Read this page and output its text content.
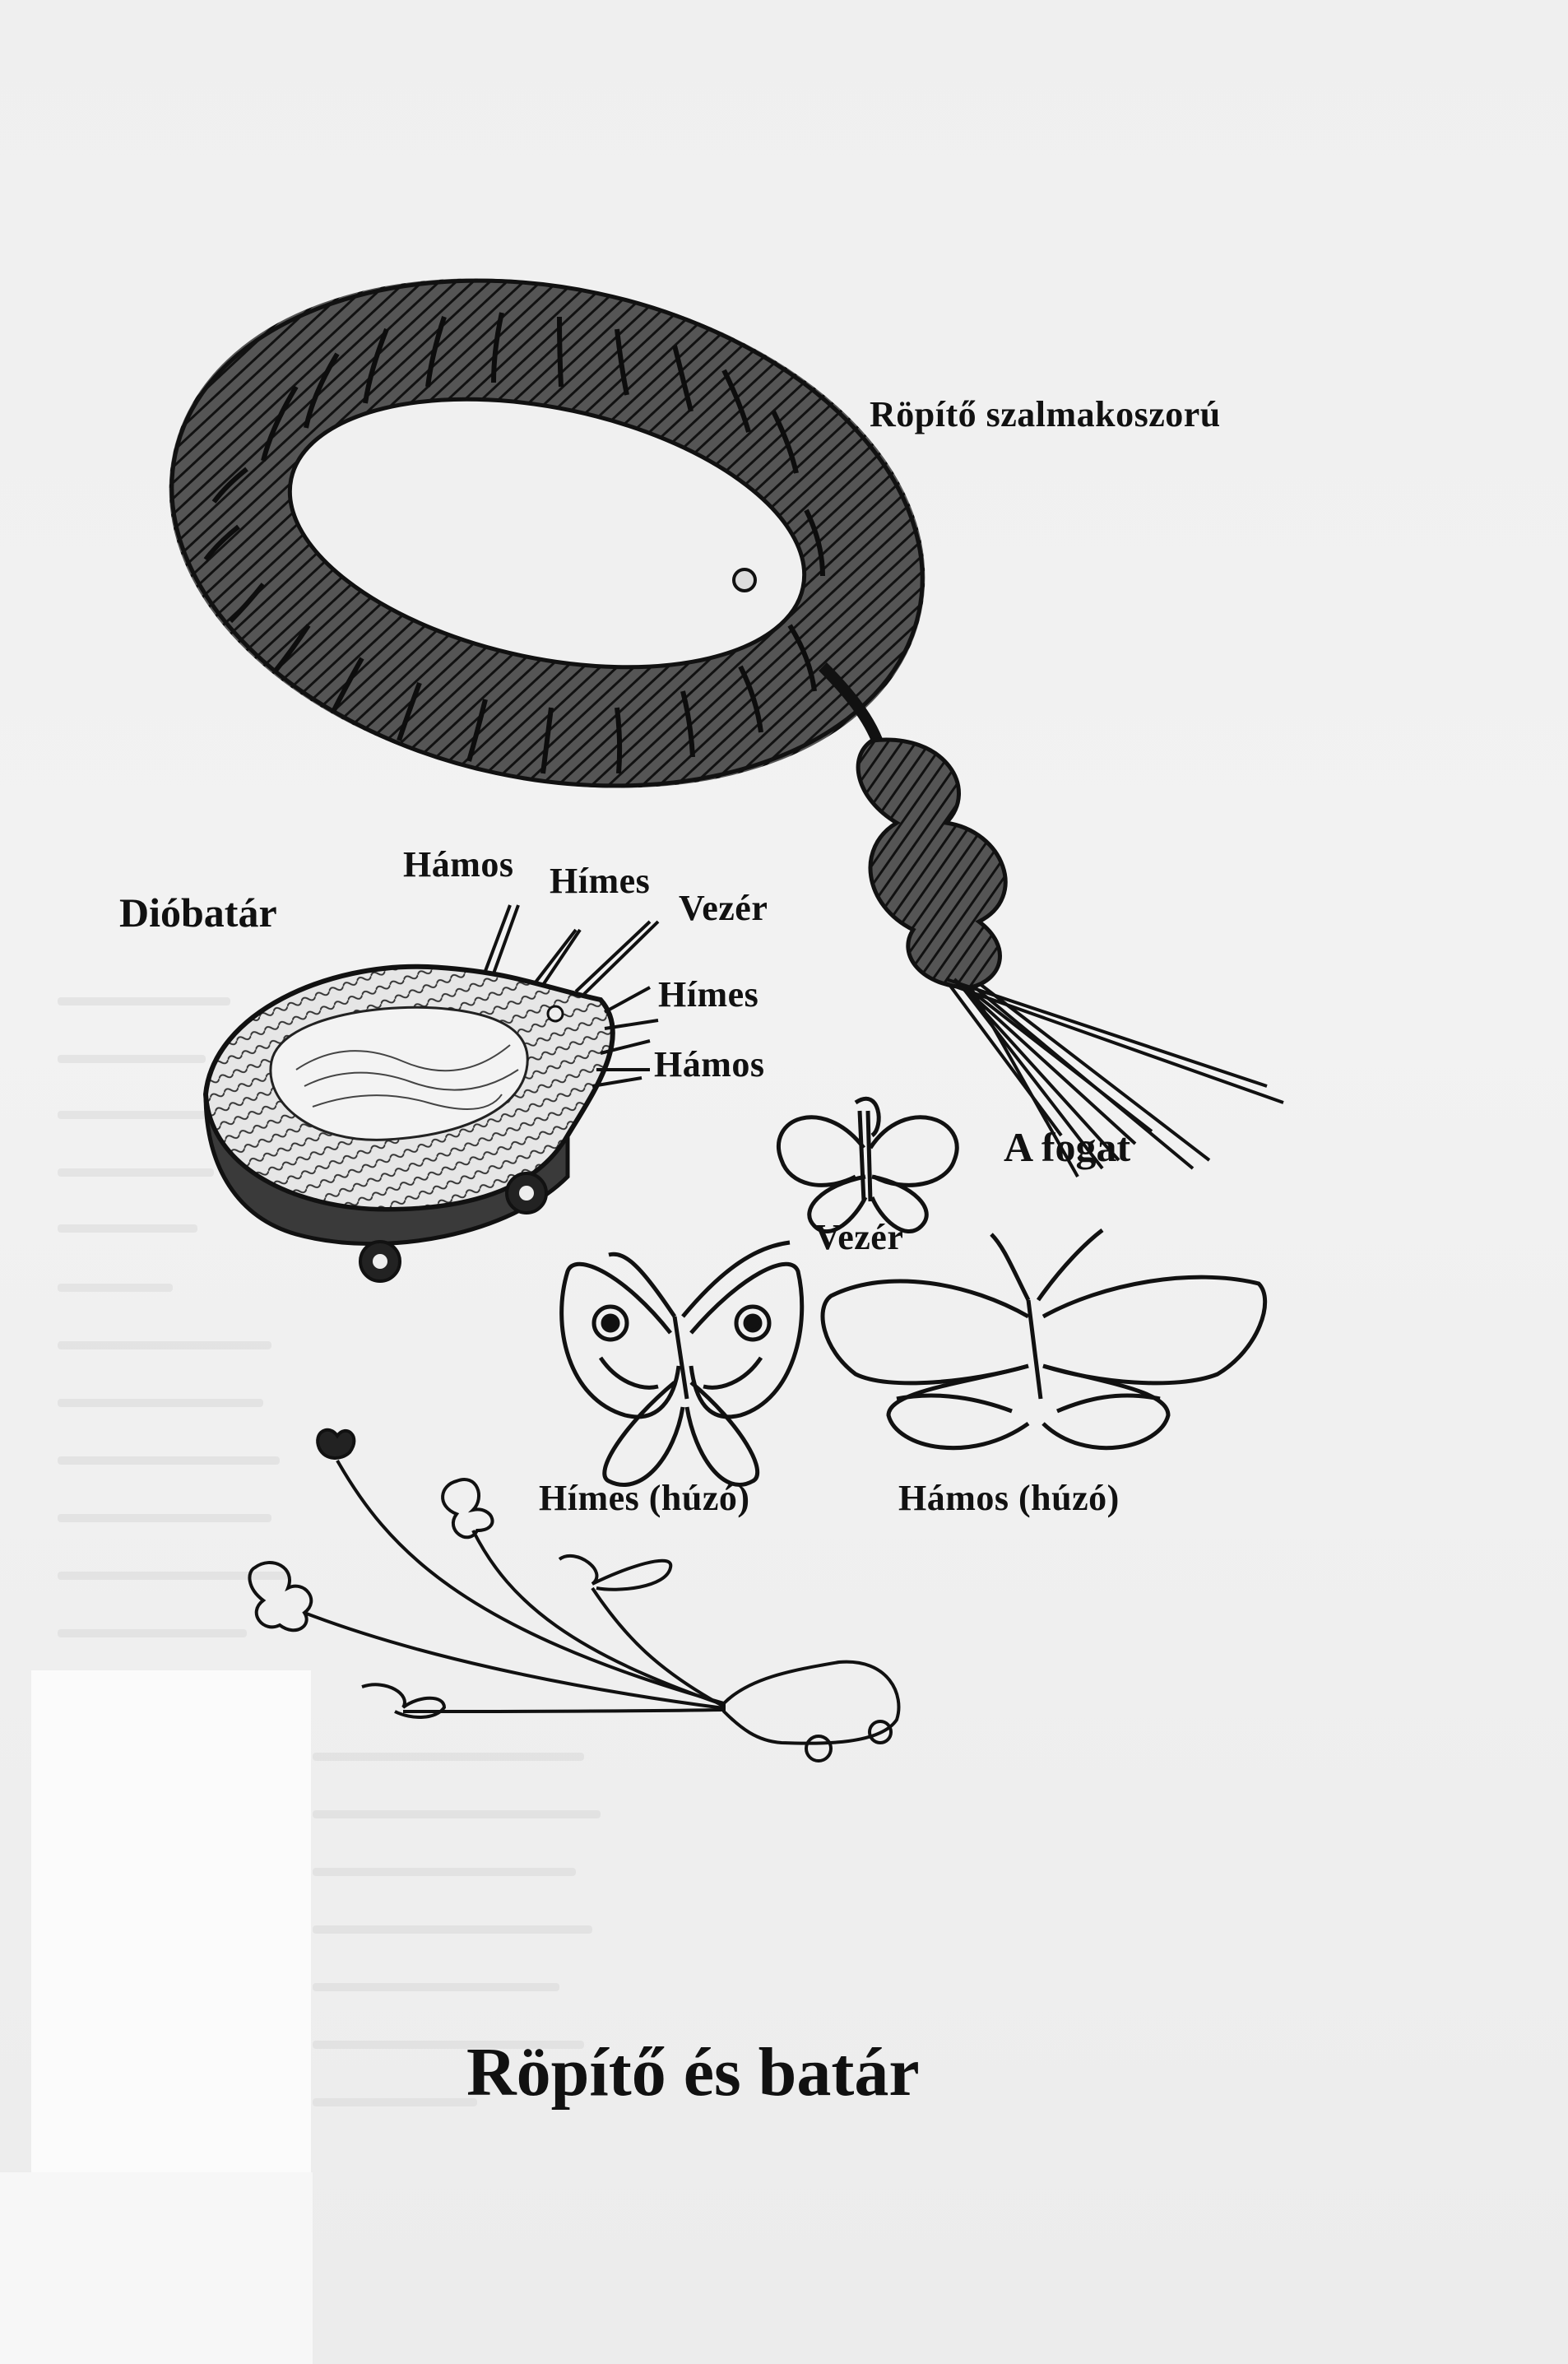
Röpítő szalmakoszorú
Dióbatár
Hámos Hímes
Vezér
Hímes
Hámos
A fogat
Vezér
Hímes (húzó)	Hámos (húzó)
Röpítő és batár
